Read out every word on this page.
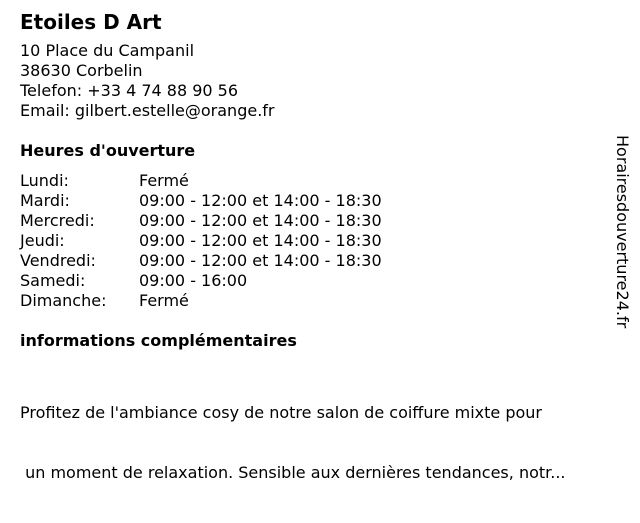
Etoiles D Art
10 Place du Campanil
38630 Corbelin
Telefon: +33 4 74 88 90 56
Email: gilbert.estelle@orange.fr
Heures d'ouverture
Lundi:	Fermé
Mardi:	09:00 - 12:00 et 14:00 - 18:30
Mercredi:	09:00 - 12:00 et 14:00 - 18:30
Jeudi:	09:00 - 12:00 et 14:00 - 18:30
Vendredi:	09:00 - 12:00 et 14:00 - 18:30
Samedi:	09:00 - 16:00
Dimanche:	Fermé
informations complémentaires

Profitez de l'ambiance cosy de notre salon de coiffure mixte pour

un moment de relaxation. Sensible aux dernières tendances, notr...

Horairesdouverture24.fr
